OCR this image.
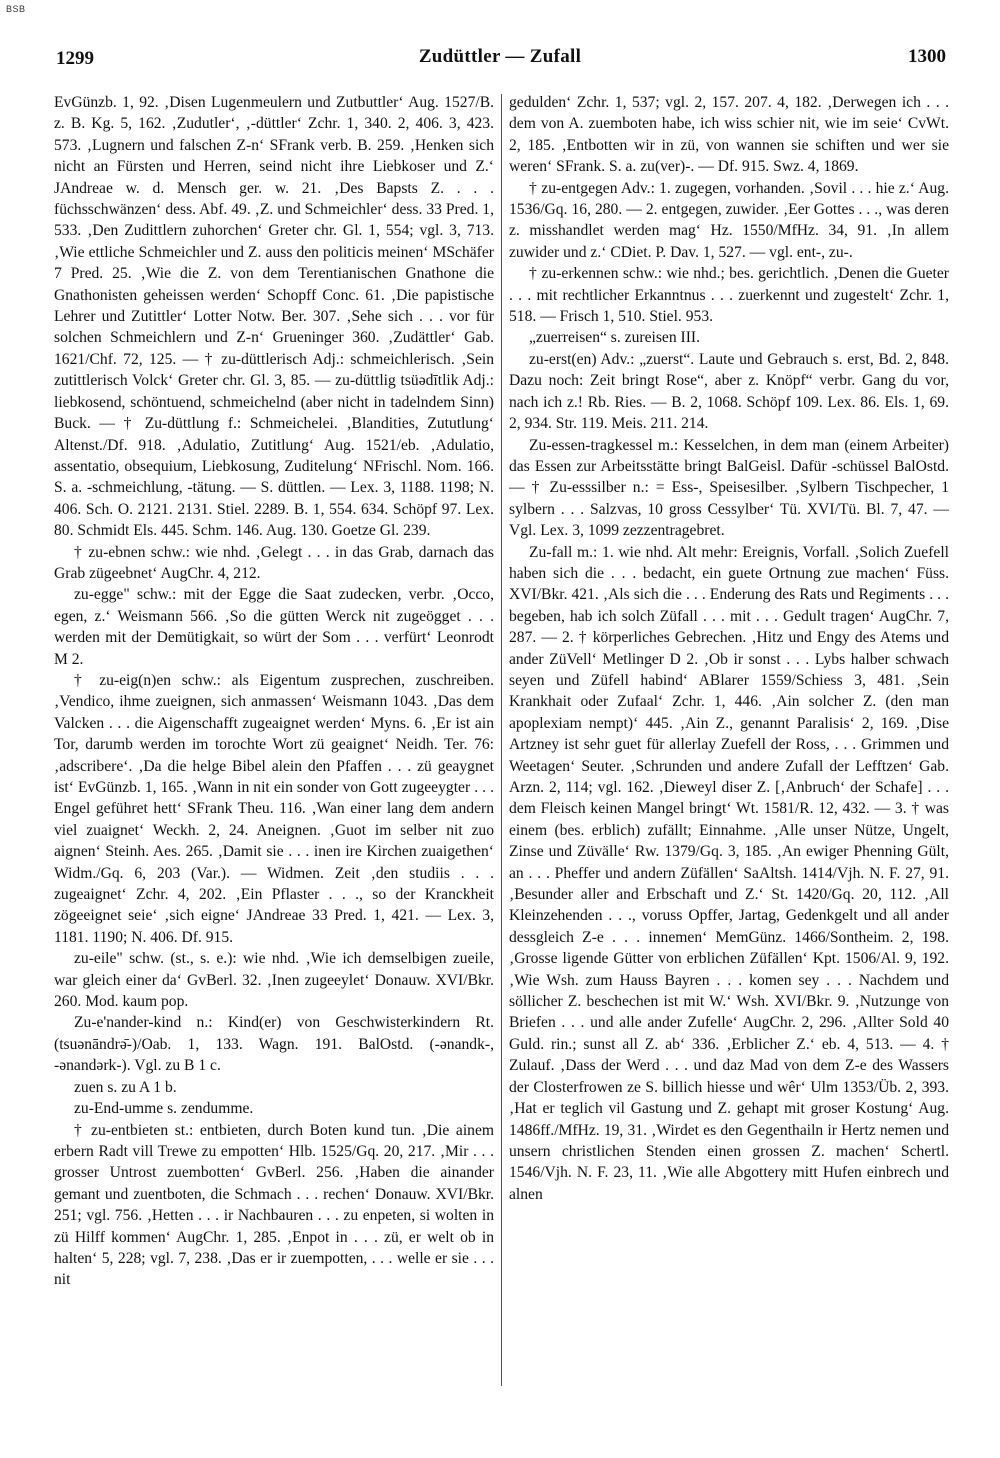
BSB
1299	Zudüttler — Zufall	1300

EvGünzb. 1, 92. ‚Disen Lugenmeulern und Zutbuttler‘ Aug. 1527/B. z. B. Kg. 5, 162. ‚Zudutler‘, ‚-düttler‘ Zchr. 1, 340. 2, 406. 3, 423. 573. ‚Lugnern und falschen Z-n‘ SFrank verb. B. 259. ‚Henken sich nicht an Fürsten und Herren, seind nicht ihre Liebkoser und Z.‘ JAndreae w. d. Mensch ger. w. 21. ‚Des Bapsts Z. . . . füchsschwänzen‘ dess. Abf. 49. ‚Z. und Schmeichler‘ dess. 33 Pred. 1, 533. ‚Den Zudittlern zuhorchen‘ Greter chr. Gl. 1, 554; vgl. 3, 713. ‚Wie ettliche Schmeichler und Z. auss den politicis meinen‘ MSchäfer 7 Pred. 25. ‚Wie die Z. von dem Terentianischen Gnathone die Gnathonisten geheissen werden‘ Schopff Conc. 61. ‚Die papistische Lehrer und Zutittler‘ Lotter Notw. Ber. 307. ‚Sehe sich . . . vor für solchen Schmeichlern und Z-n‘ Grueninger 360. ‚Zudättler‘ Gab. 1621/Chf. 72, 125. — † zu-düttlerisch Adj.: schmeichlerisch. ‚Sein zutittlerisch Volck‘ Greter chr. Gl. 3, 85. — zu-düttlig tsüədītlik Adj.: liebkosend, schöntuend, schmeichelnd (aber nicht in tadelndem Sinn) Buck. — † Zu-düttlung f.: Schmeichelei. ‚Blandities, Zututlung‘ Altenst./Df. 918. ‚Adulatio, Zutitlung‘ Aug. 1521/eb. ‚Adulatio, assentatio, obsequium, Liebkosung, Zuditelung‘ NFrischl. Nom. 166. S. a. -schmeichlung, -tätung. — S. düttlen. — Lex. 3, 1188. 1198; N. 406. Sch. O. 2121. 2131. Stiel. 2289. B. 1, 554. 634. Schöpf 97. Lex. 80. Schmidt Els. 445. Schm. 146. Aug. 130. Goetze Gl. 239.

† zu-ebnen schw.: wie nhd. ‚Gelegt . . . in das Grab, darnach das Grab zügeebnet‘ AugChr. 4, 212.

zu-egge" schw.: mit der Egge die Saat zudecken, verbr. ‚Occo, egen, z.‘ Weismann 566. ‚So die gütten Werck nit zugeögget . . . werden mit der Demütigkait, so würt der Som . . . verfürt‘ Leonrodt M 2.

† zu-eig(n)en schw.: als Eigentum zusprechen, zuschreiben. ‚Vendico, ihme zueignen, sich anmassen‘ Weismann 1043. ‚Das dem Valcken . . . die Aigenschafft zugeaignet werden‘ Myns. 6. ‚Er ist ain Tor, darumb werden im torochte Wort zü geaignet‘ Neidh. Ter. 76: ‚adscribere‘. ‚Da die helge Bibel alein den Pfaffen . . . zü geaygnet ist‘ EvGünzb. 1, 165. ‚Wann in nit ein sonder von Gott zugeeygter . . . Engel geführet hett‘ SFrank Theu. 116. ‚Wan einer lang dem andern viel zuaignet‘ Weckh. 2, 24. Aneignen. ‚Guot im selber nit zuo aignen‘ Steinh. Aes. 265. ‚Damit sie . . . inen ire Kirchen zuaigethen‘ Widm./Gq. 6, 203 (Var.). — Widmen. Zeit ‚den studiis . . . zugeaignet‘ Zchr. 4, 202. ‚Ein Pflaster . . ., so der Kranckheit zögeeignet seie‘ ‚sich eigne‘ JAndreae 33 Pred. 1, 421. — Lex. 3, 1181. 1190; N. 406. Df. 915.

zu-eile" schw. (st., s. e.): wie nhd. ‚Wie ich demselbigen zueile, war gleich einer da‘ GvBerl. 32. ‚Inen zugeeylet‘ Donauw. XVI/Bkr. 260. Mod. kaum pop.

Zu-e'nander-kind n.: Kind(er) von Geschwisterkindern Rt. (tsuənāndrə̄-)/Oab. 1, 133. Wagn. 191. BalOstd. (-ənandk-, -ənandərk-). Vgl. zu B 1 c.

zuen s. zu A 1 b.

zu-End-umme s. zendumme.

† zu-entbieten st.: entbieten, durch Boten kund tun. ‚Die ainem erbern Radt vill Trewe zu empotten‘ Hlb. 1525/Gq. 20, 217. ‚Mir . . . grosser Untrost zuembotten‘ GvBerl. 256. ‚Haben die ainander gemant und zuentboten, die Schmach . . . rechen‘ Donauw. XVI/Bkr. 251; vgl. 756. ‚Hetten . . . ir Nachbauren . . . zu enpeten, si wolten in zü Hilff kommen‘ AugChr. 1, 285. ‚Enpot in . . . zü, er welt ob in halten‘ 5, 228; vgl. 7, 238. ‚Das er ir zuempotten, . . . welle er sie . . . nit

geduldenʻ Zchr. 1, 537; vgl. 2, 157. 207. 4, 182. ‚Derwegen ich . . . dem von A. zuemboten habe, ich wiss schier nit, wie im seie‘ CvWt. 2, 185. ‚Entbotten wir in zü, von wannen sie schiften und wer sie weren‘ SFrank. S. a. zu(ver)-. — Df. 915. Swz. 4, 1869.

† zu-entgegen Adv.: 1. zugegen, vorhanden. ‚Sovil . . . hie z.‘ Aug. 1536/Gq. 16, 280. — 2. entgegen, zuwider. ‚Eer Gottes . . ., was deren z. misshandlet werden mag‘ Hz. 1550/MfHz. 34, 91. ‚In allem zuwider und z.‘ CDiet. P. Dav. 1, 527. — vgl. ent-, zu-.

† zu-erkennen schw.: wie nhd.; bes. gerichtlich. ‚Denen die Gueter . . . mit rechtlicher Erkanntnus . . . zuerkennt und zugestelt‘ Zchr. 1, 518. — Frisch 1, 510. Stiel. 953.

„zuerreisen“ s. zureisen III.

zu-erst(en) Adv.: „zuerst“. Laute und Gebrauch s. erst, Bd. 2, 848. Dazu noch: Zeit bringt Rose“, aber z. Knöpf“ verbr. Gang du vor, nach ich z.! Rb. Ries. — B. 2, 1068. Schöpf 109. Lex. 86. Els. 1, 69. 2, 934. Str. 119. Meis. 211. 214.

Zu-essen-tragkessel m.: Kesselchen, in dem man (einem Arbeiter) das Essen zur Arbeitsstätte bringt BalGeisl. Dafür -schüssel BalOstd. — † Zu-esssilber n.: = Ess-, Speisesilber. ‚Sylbern Tischpecher, 1 sylbern . . . Salzvas, 10 gross Cessylber‘ Tü. XVI/Tü. Bl. 7, 47. — Vgl. Lex. 3, 1099 zezzentragebret.

Zu-fall m.: 1. wie nhd. Alt mehr: Ereignis, Vorfall. ‚Solich Zuefell haben sich die . . . bedacht, ein guete Ortnung zue machen‘ Füss. XVI/Bkr. 421. ‚Als sich die . . . Enderung des Rats und Regiments . . . begeben, hab ich solch Züfall . . . mit . . . Gedult tragen‘ AugChr. 7, 287. — 2. † körperliches Gebrechen. ‚Hitz und Engy des Atems und ander ZüVell‘ Metlinger D 2. ‚Ob ir sonst . . . Lybs halber schwach seyen und Züfell habind‘ ABlarer 1559/Schiess 3, 481. ‚Sein Krankhait oder Zufaal‘ Zchr. 1, 446. ‚Ain solcher Z. (den man apoplexiam nempt)‘ 445. ‚Ain Z., genannt Paralisis‘ 2, 169. ‚Dise Artzney ist sehr guet für allerlay Zuefell der Ross, . . . Grimmen und Weetagen‘ Seuter. ‚Schrunden und andere Zufall der Lefftzen‘ Gab. Arzn. 2, 114; vgl. 162. ‚Dieweyl diser Z. [‚Anbruch‘ der Schafe] . . . dem Fleisch keinen Mangel bringt‘ Wt. 1581/R. 12, 432. — 3. † was einem (bes. erblich) zufällt; Einnahme. ‚Alle unser Nütze, Ungelt, Zinse und Züvälle‘ Rw. 1379/Gq. 3, 185. ‚An ewiger Phenning Gült, an . . . Pheffer und andern Züfällen‘ SaAltsh. 1414/Vjh. N. F. 27, 91. ‚Besunder aller and Erbschaft und Z.‘ St. 1420/Gq. 20, 112. ‚All Kleinzehenden . . ., voruss Opffer, Jartag, Gedenkgelt und all ander dessgleich Z-e . . . innemen‘ MemGünz. 1466/Sontheim. 2, 198. ‚Grosse ligende Gütter von erblichen Züfällen‘ Kpt. 1506/Al. 9, 192. ‚Wie Wsh. zum Hauss Bayren . . . komen sey . . . Nachdem und söllicher Z. beschechen ist mit W.‘ Wsh. XVI/Bkr. 9. ‚Nutzunge von Briefen . . . und alle ander Zufelle‘ AugChr. 2, 296. ‚Allter Sold 40 Guld. rin.; sunst all Z. ab‘ 336. ‚Erblicher Z.‘ eb. 4, 513. — 4. † Zulauf. ‚Dass der Werd . . . und daz Mad von dem Z-e des Wassers der Closterfrowen ze S. billich hiesse und wêr‘ Ulm 1353/Üb. 2, 393. ‚Hat er teglich vil Gastung und Z. gehapt mit groser Kostung‘ Aug. 1486ff./MfHz. 19, 31. ‚Wirdet es den Gegenthailn ir Hertz nemen und unsern christlichen Stenden einen grossen Z. machen‘ Schertl. 1546/Vjh. N. F. 23, 11. ‚Wie alle Abgottery mitt Hufen einbrech und alnen
